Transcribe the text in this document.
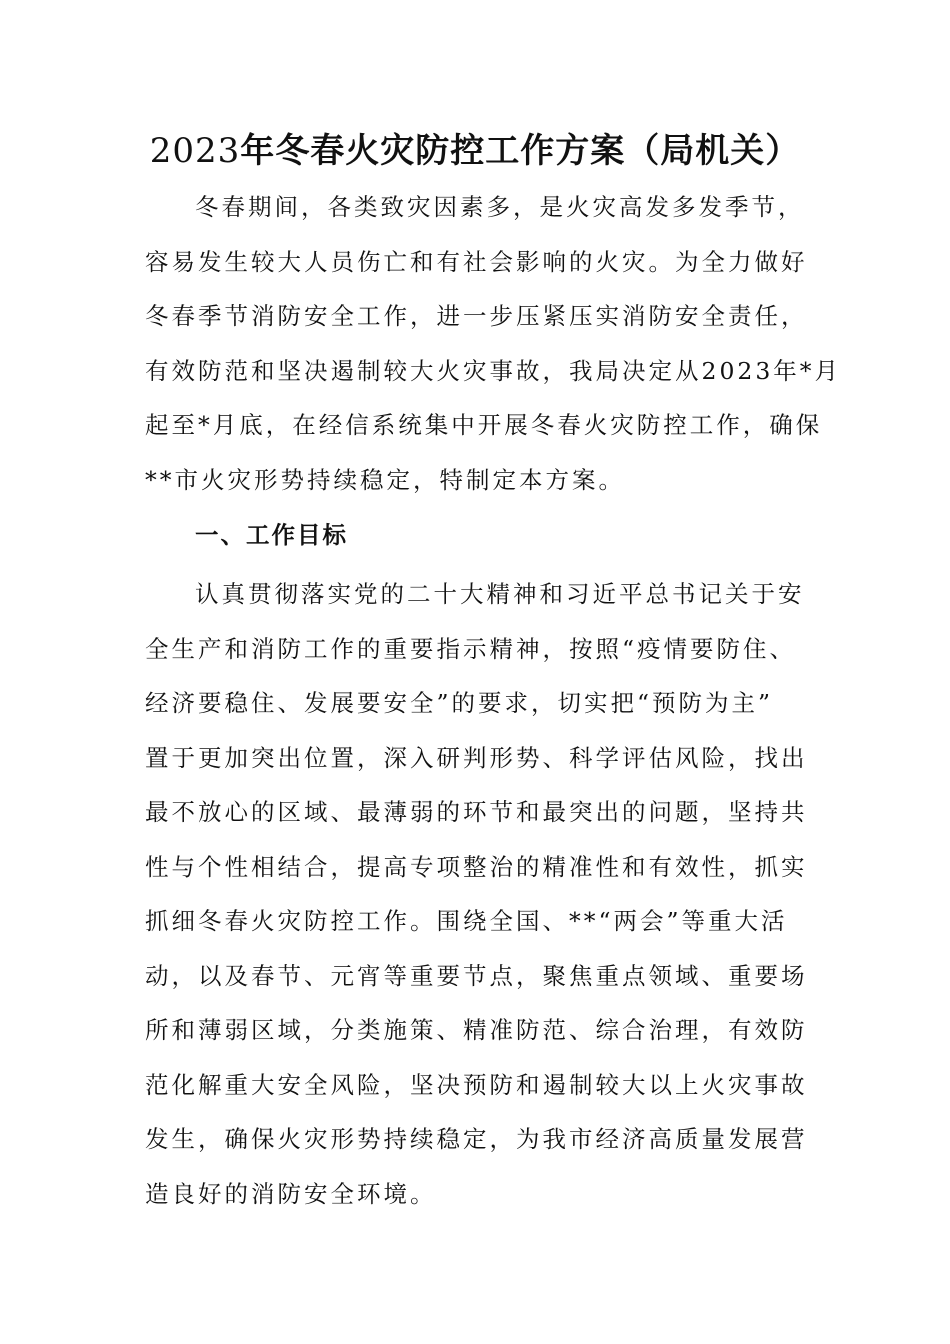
2023年冬春火灾防控工作方案（局机关）
冬春期间，各类致灾因素多，是火灾高发多发季节，
容易发生较大人员伤亡和有社会影响的火灾。为全力做好
冬春季节消防安全工作，进一步压紧压实消防安全责任，
有效防范和坚决遏制较大火灾事故，我局决定从2023年*月
起至*月底，在经信系统集中开展冬春火灾防控工作，确保
**市火灾形势持续稳定，特制定本方案。
一、工作目标
认真贯彻落实党的二十大精神和习近平总书记关于安
全生产和消防工作的重要指示精神，按照“疫情要防住、
经济要稳住、发展要安全”的要求，切实把“预防为主”
置于更加突出位置，深入研判形势、科学评估风险，找出
最不放心的区域、最薄弱的环节和最突出的问题，坚持共
性与个性相结合，提高专项整治的精准性和有效性，抓实
抓细冬春火灾防控工作。围绕全国、**“两会”等重大活
动，以及春节、元宵等重要节点，聚焦重点领域、重要场
所和薄弱区域，分类施策、精准防范、综合治理，有效防
范化解重大安全风险，坚决预防和遏制较大以上火灾事故
发生，确保火灾形势持续稳定，为我市经济高质量发展营
造良好的消防安全环境。
